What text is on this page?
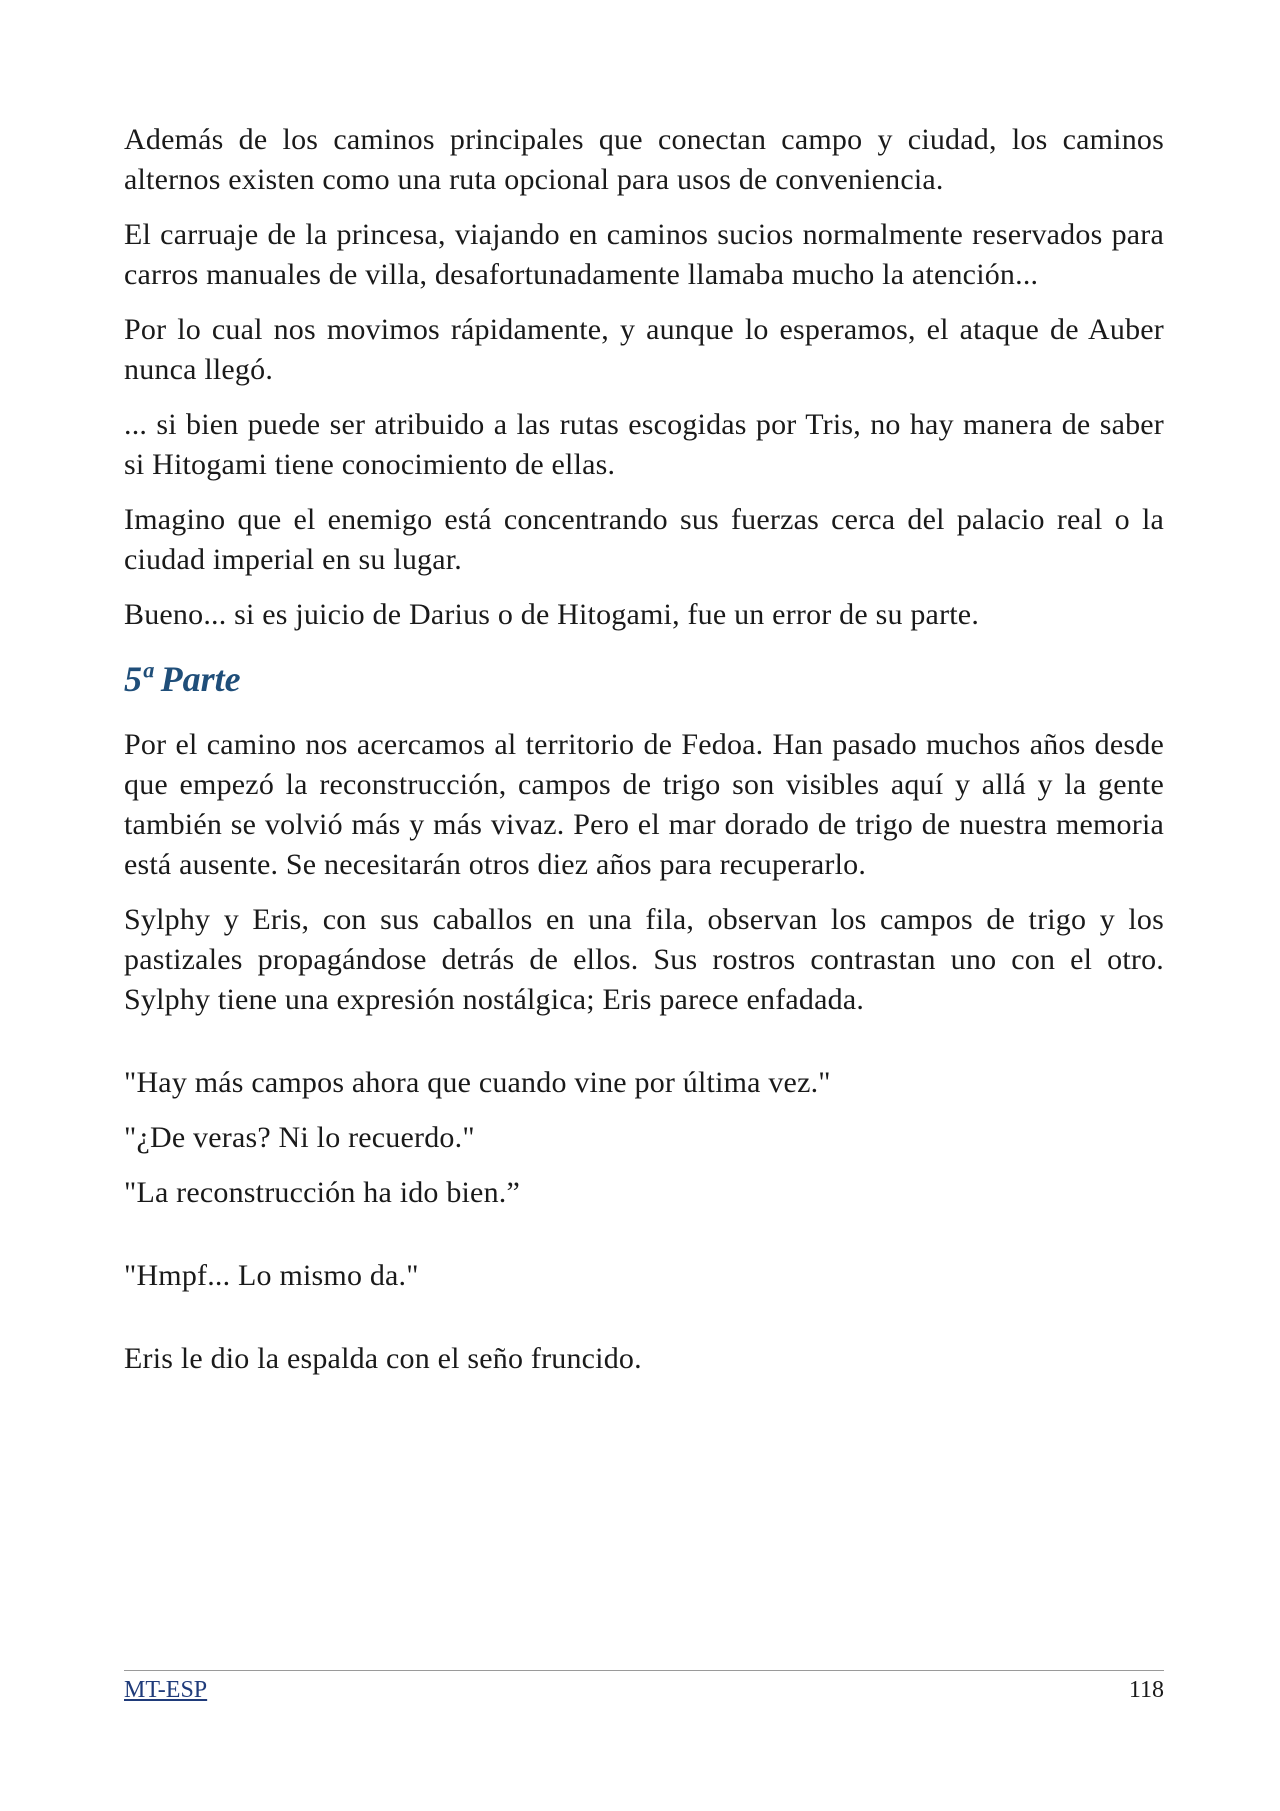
Además de los caminos principales que conectan campo y ciudad, los caminos alternos existen como una ruta opcional para usos de conveniencia.

El carruaje de la princesa, viajando en caminos sucios normalmente reservados para carros manuales de villa, desafortunadamente llamaba mucho la atención...

Por lo cual nos movimos rápidamente, y aunque lo esperamos, el ataque de Auber nunca llegó.

... si bien puede ser atribuido a las rutas escogidas por Tris, no hay manera de saber si Hitogami tiene conocimiento de ellas.

Imagino que el enemigo está concentrando sus fuerzas cerca del palacio real o la ciudad imperial en su lugar.

Bueno... si es juicio de Darius o de Hitogami, fue un error de su parte.

5ª Parte

Por el camino nos acercamos al territorio de Fedoa. Han pasado muchos años desde que empezó la reconstrucción, campos de trigo son visibles aquí y allá y la gente también se volvió más y más vivaz. Pero el mar dorado de trigo de nuestra memoria está ausente. Se necesitarán otros diez años para recuperarlo.

Sylphy y Eris, con sus caballos en una fila, observan los campos de trigo y los pastizales propagándose detrás de ellos. Sus rostros contrastan uno con el otro. Sylphy tiene una expresión nostálgica; Eris parece enfadada.

"Hay más campos ahora que cuando vine por última vez."

"¿De veras? Ni lo recuerdo."

"La reconstrucción ha ido bien.”

"Hmpf... Lo mismo da."

Eris le dio la espalda con el seño fruncido.

MT-ESP	118
